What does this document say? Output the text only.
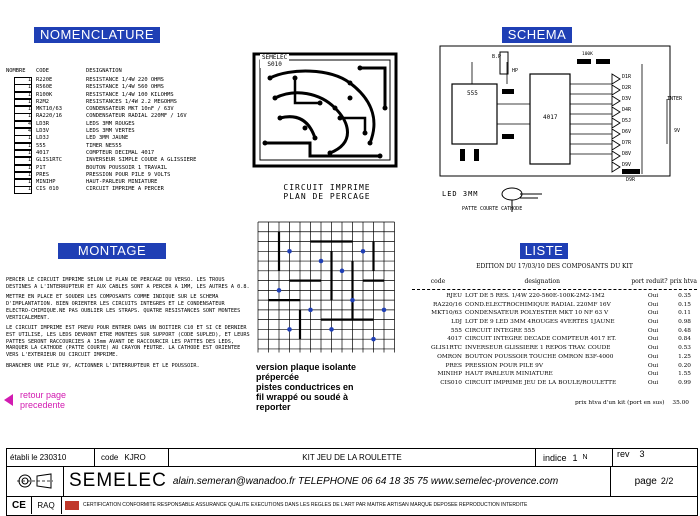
NOMENCLATURE	SCHEMA
MONTAGE	LISTE
NOMBRE	CODE	DESIGNATION
1 R220E	RESISTANCE 1/4W 220 OHMS
1 R560E	RESISTANCE 1/4W 560 OHMS
1 R100K	RESISTANCE 1/4W 100 KILOHMS
1 R2M2	RESISTANCES 1/4W 2.2 MEGOHMS
1 MKT10/63	CONDENSATEUR MKT 10nF / 63V
1 RA220/16	CONDENSATEUR RADIAL 220MF / 16V
4 LD3R	LEDS 3MM ROUGES
4 LD3V	LEDS 3MM VERTES
1 LD3J	LED 3MM JAUNE
1 555	TIMER NE555
1 4017	COMPTEUR DECIMAL 4017
1 GLIS1RTC	INVERSEUR SIMPLE COUDE A GLISSIERE
1 P1T	BOUTON POUSSOIR 1 TRAVAIL
1 PRES	PRESSION POUR PILE 9 VOLTS
1 MINIHP	HAUT-PARLEUR MINIATURE
1 CIS 010	CIRCUIT IMPRIME A PERCER
SEMELEC
S010
CIRCUIT IMPRIME
PLAN DE PERCAGE
B.P
HP
555
4017
INTER
9V
D1R
D2R
D3V
D4R
D5J
D6V
D7R
D8V
D9V
100K
D9R
LED 3MM
PATTE COURTE CATHODE

PERCER LE CIRCUIT IMPRIME SELON LE PLAN DE PERCAGE DU VERSO. LES TROUS DESTINES A L'INTERRUPTEUR ET AUX CABLES SONT A PERCER A 1MM, LES AUTRES A 0.8.

METTRE EN PLACE ET SOUDER LES COMPOSANTS COMME INDIQUE SUR LE SCHEMA D'IMPLANTATION. BIEN ORIENTER LES CIRCUITS INTEGRES ET LE CONDENSATEUR ELECTRO-CHIMIQUE.NE PAS OUBLIER LES STRAPS. QUATRE RESISTANCES SONT MONTEES VERTICALEMENT.

LE CIRCUIT IMPRIME EST PREVU POUR ENTRER DANS UN BOITIER C10 ET SI CE DERNIER EST UTILISE, LES LEDS DEVRONT ETRE MONTEES SUR SUPPORT (CODE SUPLED), ET LEURS PATTES SERONT RACCOURCIES A 15mm AVANT DE RACCOURCIR LES PATTES DES LEDS, MARQUER LA CATHODE (PATTE COURTE) AU CRAYON FEUTRE. LA CATHODE EST ORIENTEE VERS L'EXTERIEUR DU CIRCUIT IMPRIME.

BRANCHER UNE PILE 9V, ACTIONNER L'INTERRUPTEUR ET LE POUSSOIR.	version plaque isolante
prépercée
pistes conductrices en
fil wrappé ou soudé à
reporter
retour page
precedente
EDITION DU 17/03/10 DES COMPOSANTS DU KIT
code	designation	port reduit? prix htva
RJEU LOT DE 5 RES. 1/4W 220-560E-100K-2M2-1M2	Oui	0.35
RA220/16 COND.ELECTROCHIMIQUE RADIAL 220MF 16V	Oui	0.15
MKT10/63 CONDENSATEUR POLYESTER MKT 10 NF 63 V	Oui	0.11
LDJ LOT DE 9 LED 3MM 4ROUGES 4VERTES 1JAUNE	Oui	0.98
555 CIRCUIT INTEGRE 555	Oui	0.48
4017 CIRCUIT INTEGRE DECADE COMPTEUR 4017 ET.	Oui	0.84
GLIS1RTC INVERSEUR GLISSIERE 1 REPOS TRAV. COUDE	Oui	0.53
OMRON BOUTON POUSSOIR TOUCHE OMRON B3F-4000	Oui	1.25
PRES PRESSION POUR PILE 9V	Oui	0.20
MINIHP HAUT PARLEUR MINIATURE	Oui	1.55
CIS010 CIRCUIT IMPRIME JEU DE LA BOULE/ROULETTE	Oui	0.99
prix htva d'un kit (port en sus) 35.00
établi le 230310	code KJRO	KIT JEU DE LA ROULETTE	indice 1 N	rev 3
SEMELEC alain.semeran@wanadoo.fr TELEPHONE 06 64 18 35 75 www.semelec-provence.com	page 2/2
CE RAQ	CERTIFICATION CONFORMITE RESPONSABLE ASSURANCE QUALITE EXECUTIONS DANS LES REGLES DE L'ART PAR MAITRE ARTISAN MARQUE DEPOSEE REPRODUCTION INTERDITE
